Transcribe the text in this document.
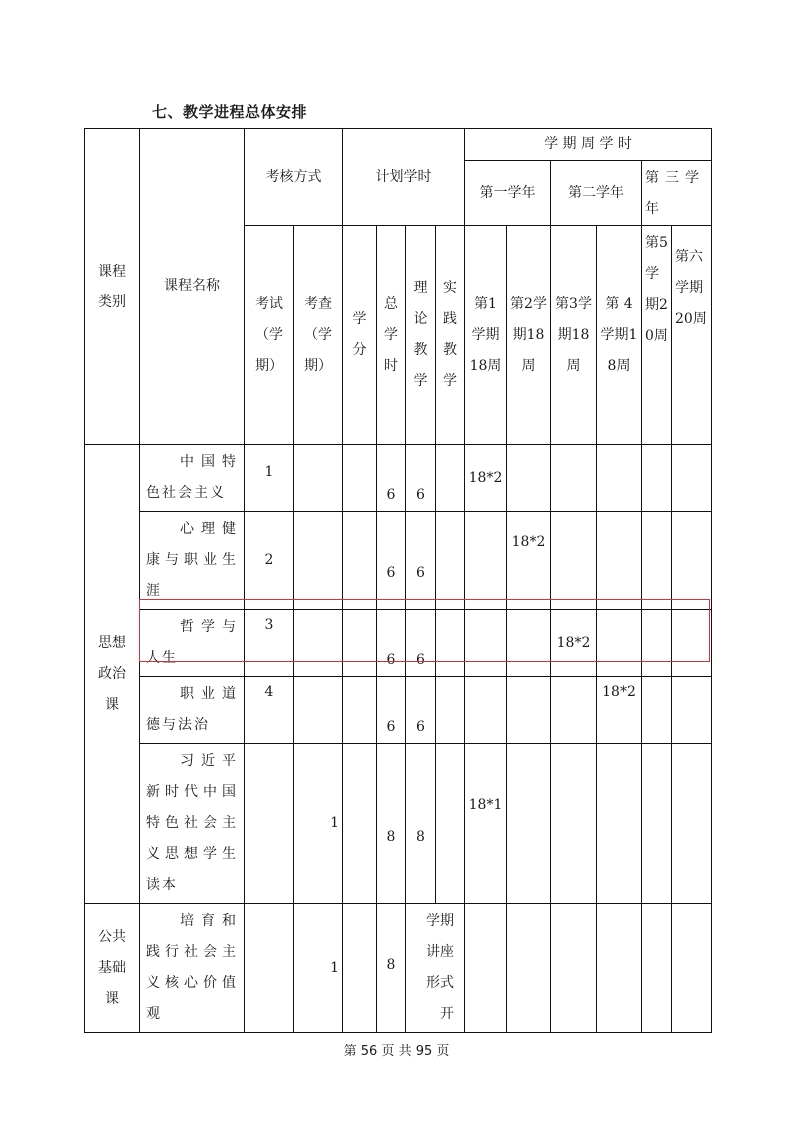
七、教学进程总体安排
课程类别	课程名称	考核方式		计划学时				学 期 周 学 时					
								第一学年		第二学年		第三学年	
		考试（学期）	考查（学期）	学分	总学时	理论教学	实践教学	第1学期18周	第2学期18周	第3学期18周	第 4学期18周	第5学期20周	第六学期20周

思想政治课	中国特色社会主义	1			6	6		18*2					

	心理健康与职业生涯	2			6	6			18*2				

	哲学与人生	3			6	6				18*2			

	职业道德与法治	4			6	6					18*2		

	习近平新时代中国特色社会主义思想学生读本		1		8	8		18*1					

公共基础课	培育和践行社会主义核心价值观		1		8	学期讲座形式开							

第 56 页 共 95 页
